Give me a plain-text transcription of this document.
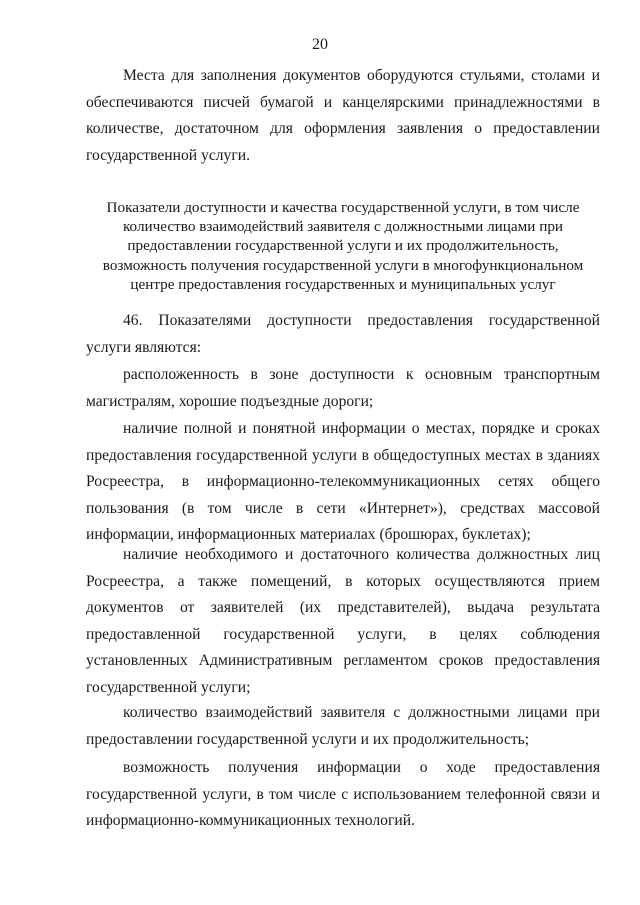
20

Места для заполнения документов оборудуются стульями, столами и обеспечиваются писчей бумагой и канцелярскими принадлежностями в количестве, достаточном для оформления заявления о предоставлении государственной услуги.

Показатели доступности и качества государственной услуги, в том числе количество взаимодействий заявителя с должностными лицами при предоставлении государственной услуги и их продолжительность, возможность получения государственной услуги в многофункциональном центре предоставления государственных и муниципальных услуг

46. Показателями доступности предоставления государственной услуги являются:

расположенность в зоне доступности к основным транспортным магистралям, хорошие подъездные дороги;

наличие полной и понятной информации о местах, порядке и сроках предоставления государственной услуги в общедоступных местах в зданиях Росреестра, в информационно-телекоммуникационных сетях общего пользования (в том числе в сети «Интернет»), средствах массовой информации, информационных материалах (брошюрах, буклетах);

наличие необходимого и достаточного количества должностных лиц Росреестра, а также помещений, в которых осуществляются прием документов от заявителей (их представителей), выдача результата предоставленной государственной услуги, в целях соблюдения установленных Административным регламентом сроков предоставления государственной услуги;

количество взаимодействий заявителя с должностными лицами при предоставлении государственной услуги и их продолжительность;

возможность получения информации о ходе предоставления государственной услуги, в том числе с использованием телефонной связи и информационно-коммуникационных технологий.
